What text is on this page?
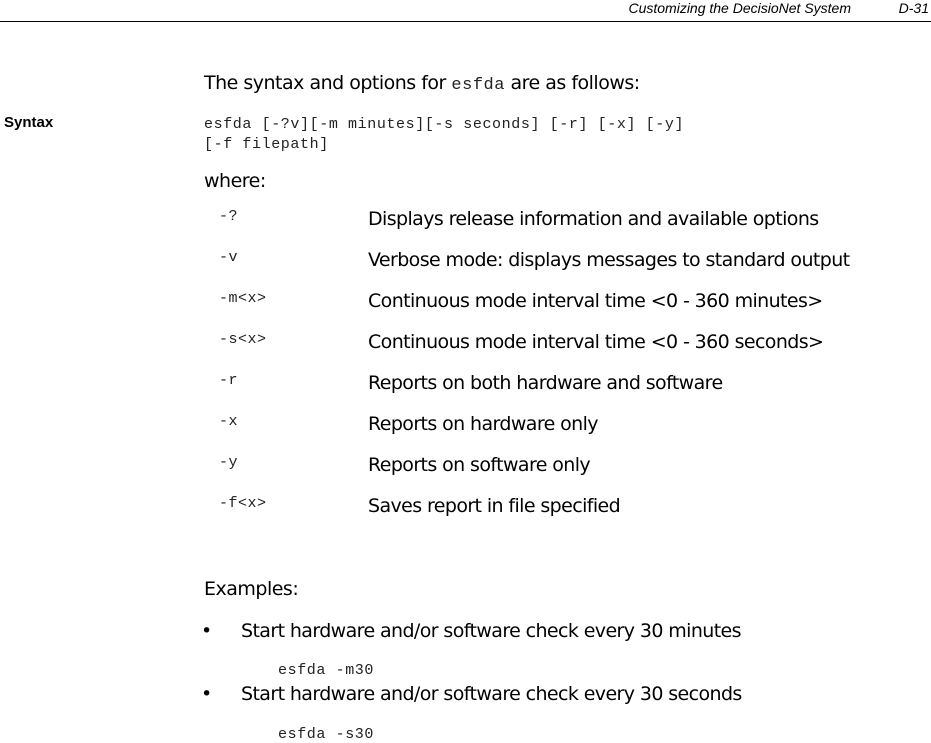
Customizing the DecisioNet System	D-31
The syntax and options for esfda are as follows:
Syntax	esfda [-?v][-m minutes][-s seconds] [-r] [-x] [-y]
[-f filepath]
where:
-?	Displays release information and available options
-v	Verbose mode: displays messages to standard output
-m<x>	Continuous mode interval time <0 - 360 minutes>
-s<x>	Continuous mode interval time <0 - 360 seconds>
-r	Reports on both hardware and software
-x	Reports on hardware only
-y	Reports on software only
-f<x>	Saves report in file specified
Examples:
• Start hardware and/or software check every 30 minutes
esfda -m30
• Start hardware and/or software check every 30 seconds
esfda -s30
